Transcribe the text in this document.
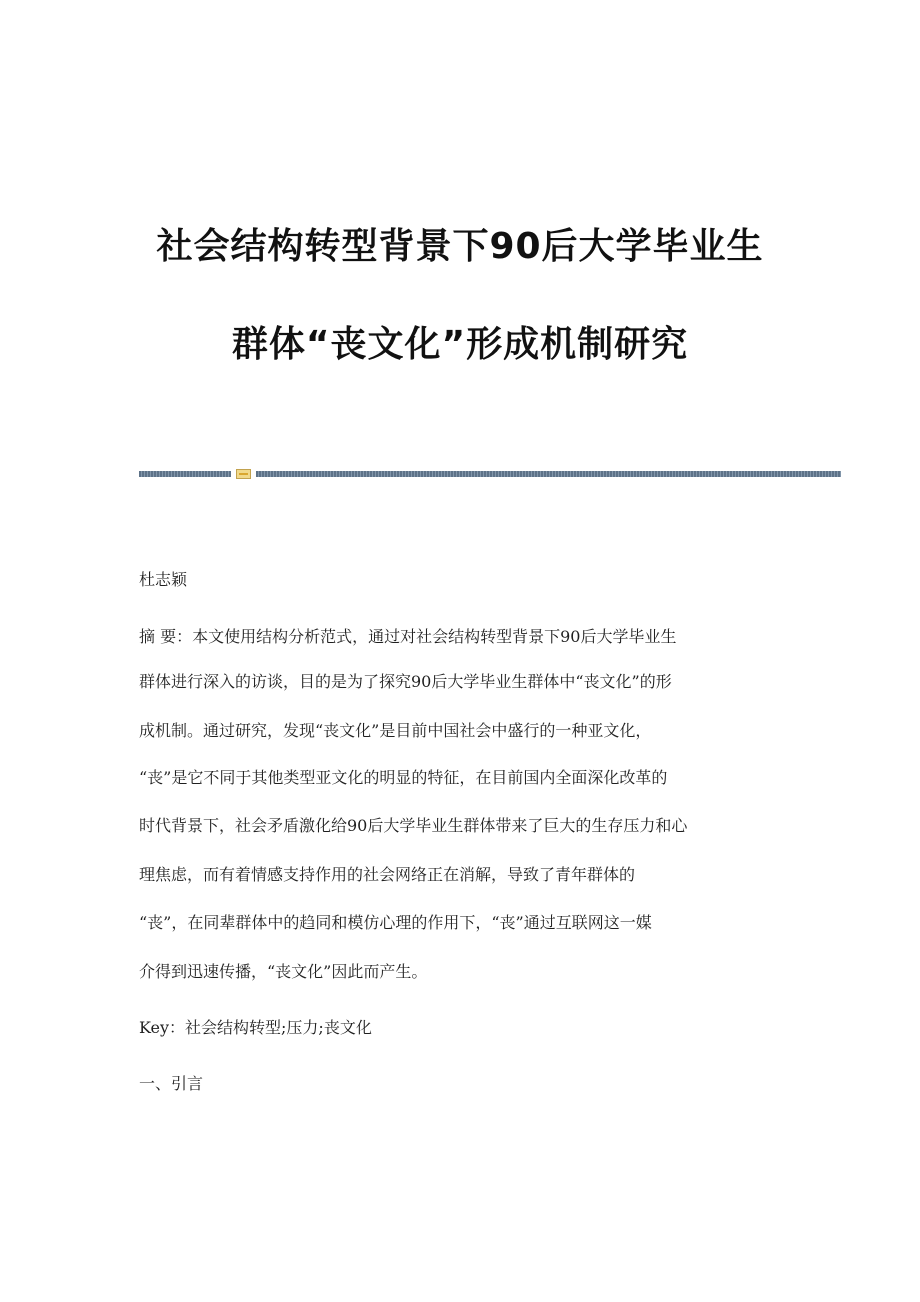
社会结构转型背景下90后大学毕业生
群体“丧文化”形成机制研究

杜志颖

摘 要：本文使用结构分析范式，通过对社会结构转型背景下90后大学毕业生

群体进行深入的访谈，目的是为了探究90后大学毕业生群体中“丧文化”的形

成机制。通过研究，发现“丧文化”是目前中国社会中盛行的一种亚文化，

“丧”是它不同于其他类型亚文化的明显的特征，在目前国内全面深化改革的

时代背景下，社会矛盾激化给90后大学毕业生群体带来了巨大的生存压力和心

理焦虑，而有着情感支持作用的社会网络正在消解，导致了青年群体的

“丧”，在同辈群体中的趋同和模仿心理的作用下，“丧”通过互联网这一媒

介得到迅速传播，“丧文化”因此而产生。

Key：社会结构转型;压力;丧文化

一、引言
